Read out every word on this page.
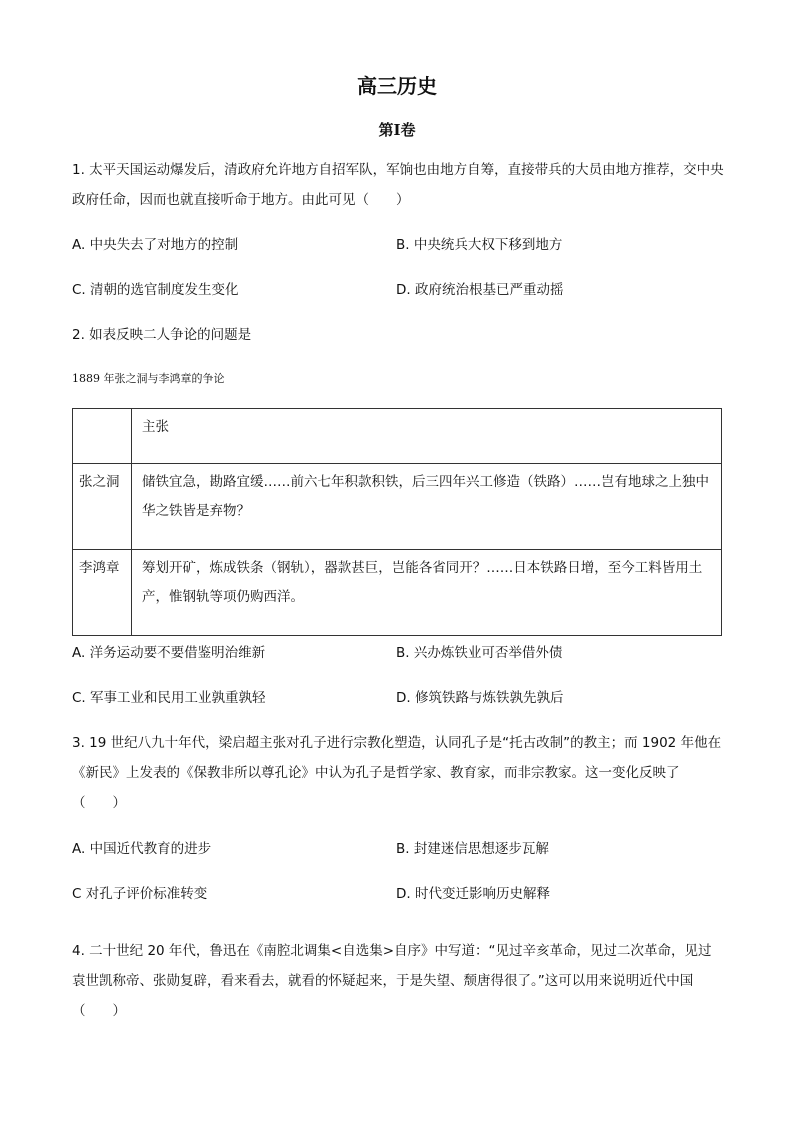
高三历史
第I卷
1. 太平天国运动爆发后，清政府允许地方自招军队，军饷也由地方自筹，直接带兵的大员由地方推荐，交中央政府任命，因而也就直接听命于地方。由此可见（　　）
A. 中央失去了对地方的控制	B. 中央统兵大权下移到地方
C. 清朝的选官制度发生变化	D. 政府统治根基已严重动摇
2. 如表反映二人争论的问题是
1889 年张之洞与李鸿章的争论
	主张
张之洞	储铁宜急，勘路宜缓……前六七年积款积铁，后三四年兴工修造（铁路）……岂有地球之上独中华之铁皆是弃物？
李鸿章	筹划开矿，炼成铁条（钢轨），器款甚巨，岂能各省同开？……日本铁路日增，至今工料皆用土产，惟钢轨等项仍购西洋。
A. 洋务运动要不要借鉴明治维新	B. 兴办炼铁业可否举借外债
C. 军事工业和民用工业孰重孰轻	D. 修筑铁路与炼铁孰先孰后
3. 19 世纪八九十年代，梁启超主张对孔子进行宗教化塑造，认同孔子是“托古改制”的教主；而 1902 年他在《新民》上发表的《保教非所以尊孔论》中认为孔子是哲学家、教育家，而非宗教家。这一变化反映了（　　）
A. 中国近代教育的进步	B. 封建迷信思想逐步瓦解
C 对孔子评价标准转变	D. 时代变迁影响历史解释
4. 二十世纪 20 年代，鲁迅在《南腔北调集<自选集>自序》中写道：“见过辛亥革命，见过二次革命，见过袁世凯称帝、张勋复辟，看来看去，就看的怀疑起来，于是失望、颓唐得很了。”这可以用来说明近代中国（　　）
